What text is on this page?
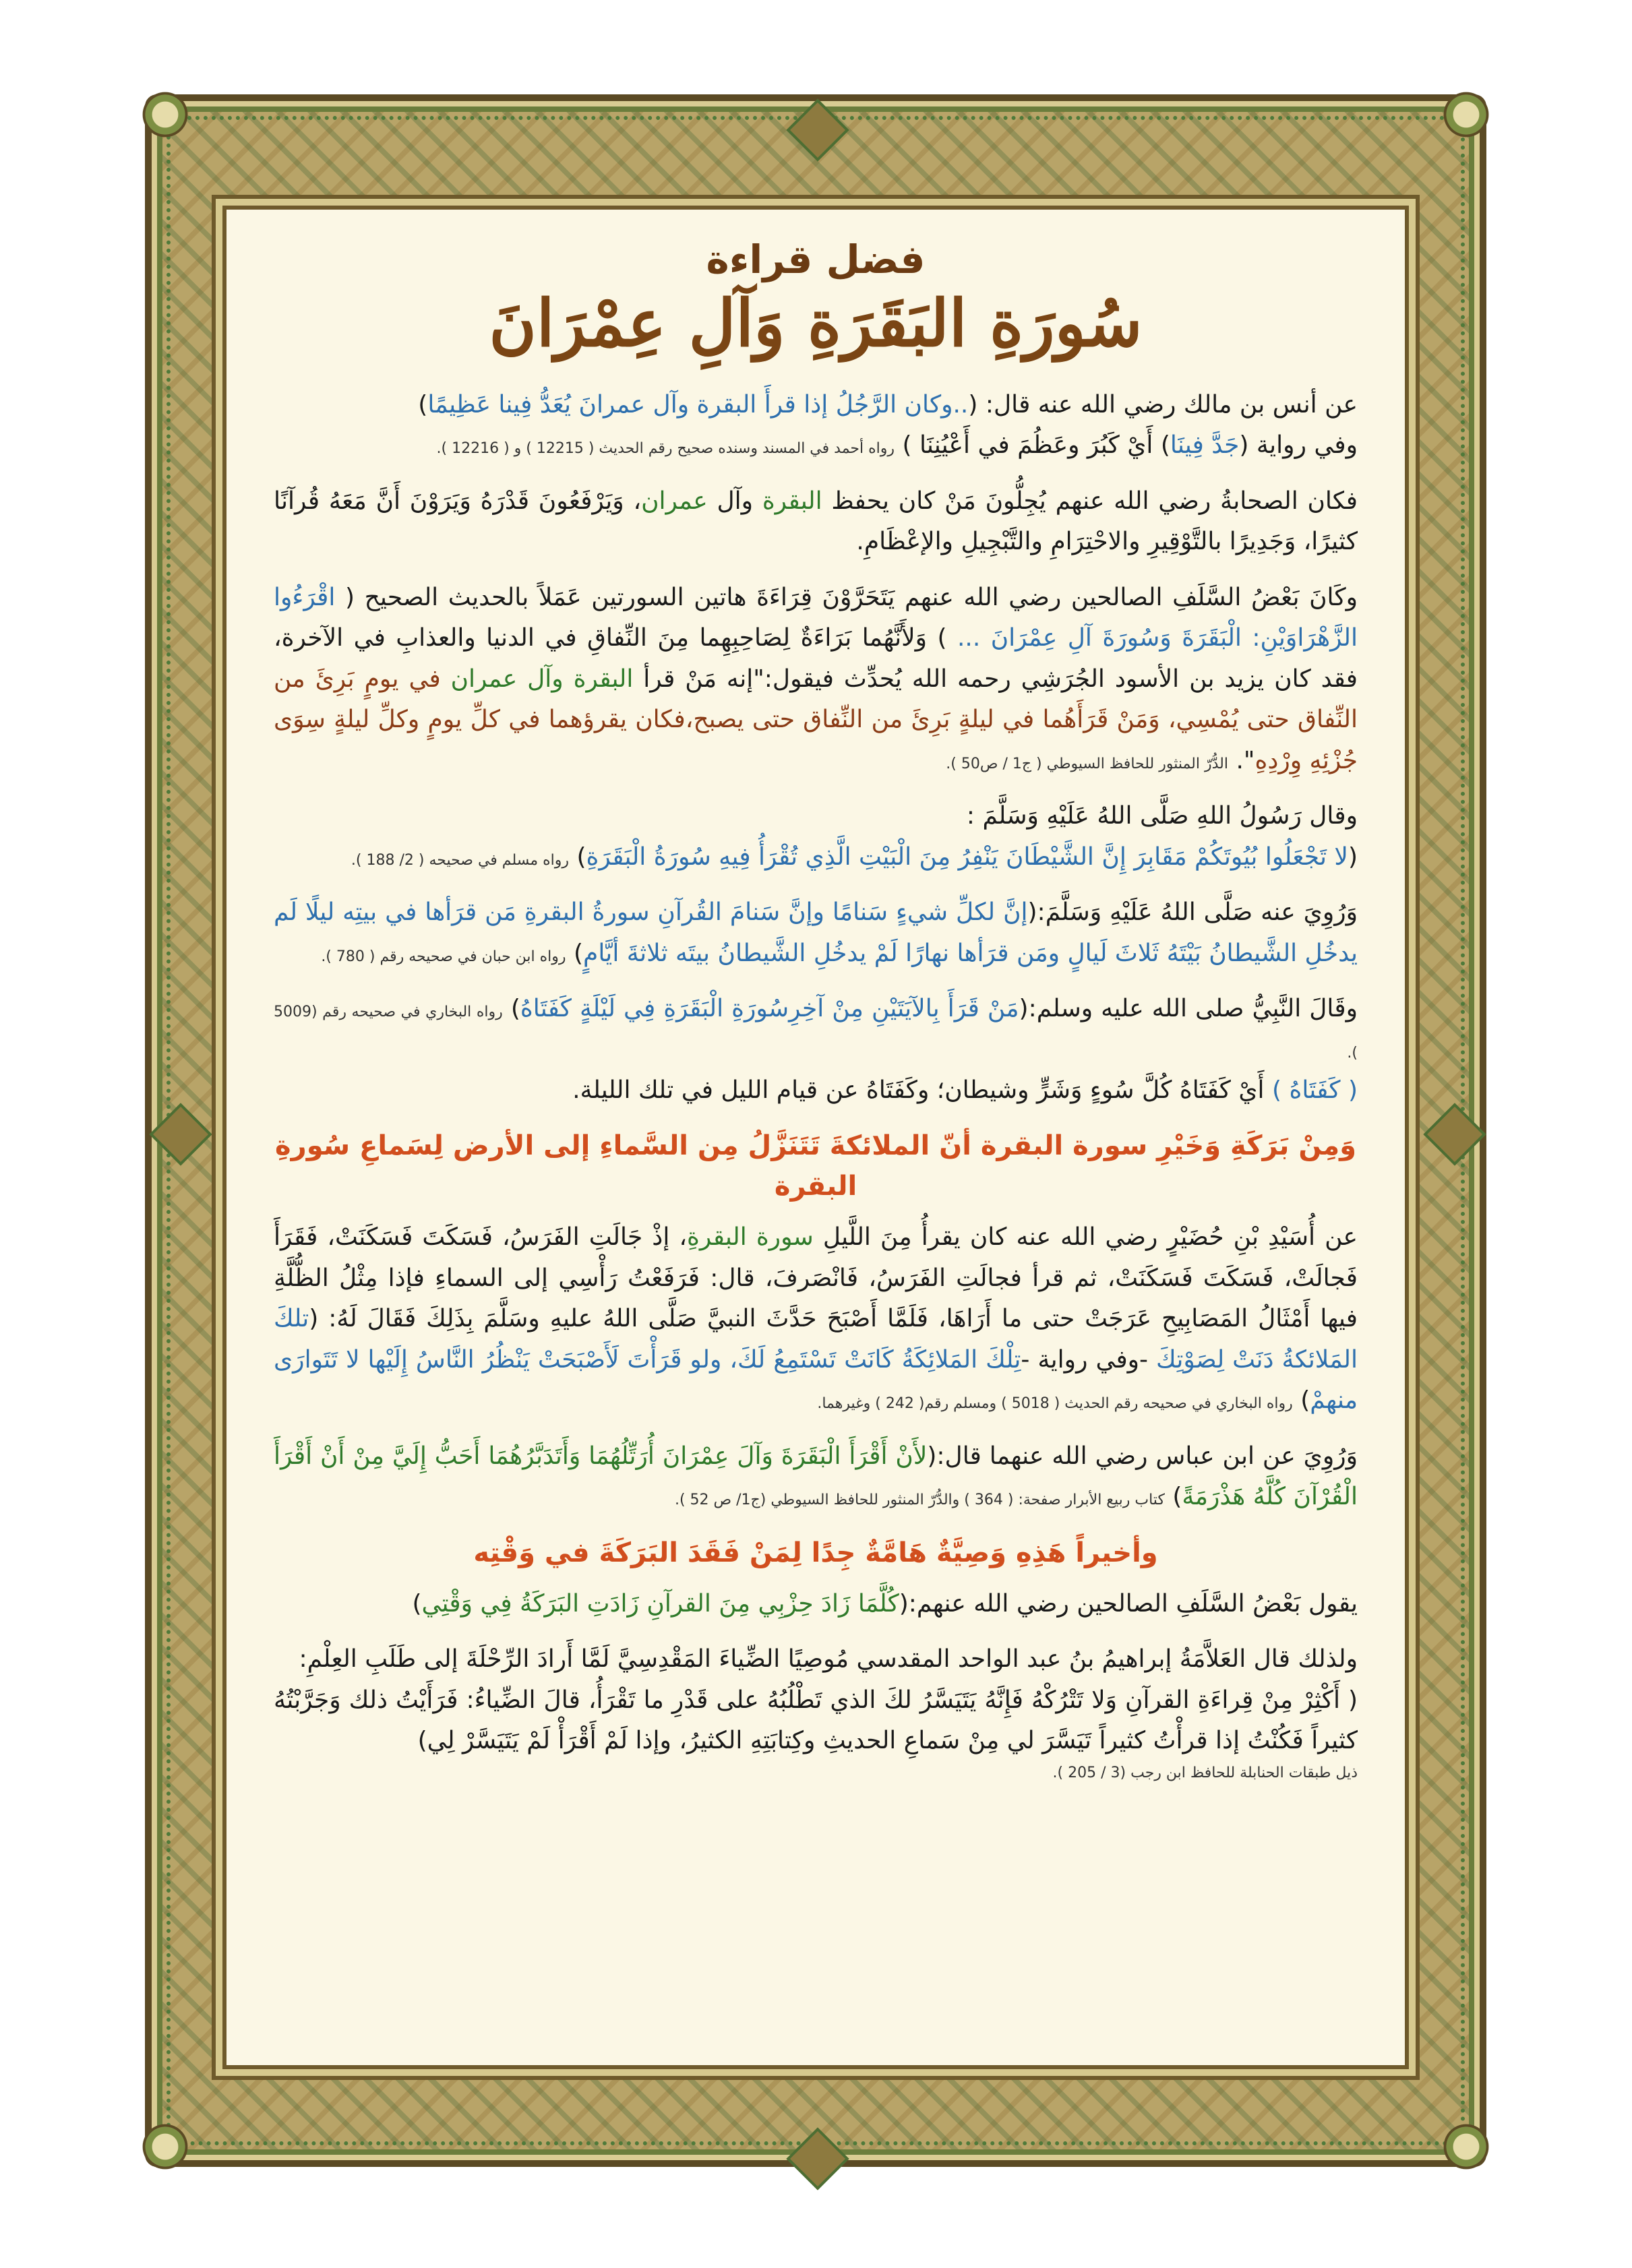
فضل قراءة
سُورَةِ البَقَرَةِ وَآلِ عِمْرَانَ

عن أنس بن مالك رضي الله عنه قال: (..وكان الرَّجُلُ إذا قرأَ البقرة وآل عمرانَ يُعَدُّ فِينا عَظِيمًا)
وفي رواية (جَدَّ فِينَا) أَيْ كَبُرَ وعَظُمَ في أَعْيُنِنَا ) رواه أحمد في المسند وسنده صحيح رقم الحديث ( 12215 ) و ( 12216 ).

فكان الصحابةُ رضي الله عنهم يُجِلُّونَ مَنْ كان يحفظ البقرة وآل عمران، وَيَرْفَعُونَ قَدْرَهُ وَيَرَوْنَ أَنَّ مَعَهُ قُرآنًا كثيرًا، وَجَدِيرًا بالتَّوْقِيرِ والاحْتِرَامِ والتَّبْجِيلِ والإعْظَامِ.

وكَانَ بَعْضُ السَّلَفِ الصالحين رضي الله عنهم يَتَحَرَّوْنَ قِرَاءَةَ هاتين السورتين عَمَلاً بالحديث الصحيح ( اقْرَءُوا الزَّهْرَاوَيْنِ: الْبَقَرَةَ وَسُورَةَ آلِ عِمْرَانَ ... ) وَلأَنَّهُما بَرَاءَةٌ لِصَاحِبِهِما مِنَ النِّفاقِ في الدنيا والعذابِ في الآخرة، فقد كان يزيد بن الأسود الجُرَشِي رحمه الله يُحدِّث فيقول:"إنه مَنْ قرأ البقرة وآل عمران في يومٍ بَرِئَ من النِّفاق حتى يُمْسِي، وَمَنْ قَرَأَهُما في ليلةٍ بَرِئَ من النِّفاق حتى يصبح،فكان يقرؤهما في كلِّ يومٍ وكلِّ ليلةٍ سِوَى جُزْئِهِ وِرْدِهِ". الدُّرّ المنثور للحافظ السيوطي ( ج1 / ص50 ).

وقال رَسُولُ اللهِ صَلَّى اللهُ عَلَيْهِ وَسَلَّمَ :
(لا تَجْعَلُوا بُيُوتَكُمْ مَقَابِرَ إِنَّ الشَّيْطَانَ يَنْفِرُ مِنَ الْبَيْتِ الَّذِي تُقْرَأُ فِيهِ سُورَةُ الْبَقَرَةِ) رواه مسلم في صحيحه ( 2/ 188 ).

وَرُوِيَ عنه صَلَّى اللهُ عَلَيْهِ وَسَلَّمَ:(إنَّ لكلِّ شيءٍ سَنامًا وإنَّ سَنامَ القُرآنِ سورةُ البقرةِ مَن قرَأها في بيتِه ليلًا لَم يدخُلِ الشَّيطانُ بَيْتَهُ ثَلاثَ لَيالٍ ومَن قرَأها نهارًا لَمْ يدخُلِ الشَّيطانُ بيتَه ثلاثةَ أيَّامٍ) رواه ابن حبان في صحيحه رقم ( 780 ).

وقَالَ النَّبِيُّ صلى الله عليه وسلم:(مَنْ قَرَأَ بِالآيَتَيْنِ مِنْ آخِرِسُورَةِ الْبَقَرَةِ فِي لَيْلَةٍ كَفَتَاهُ) رواه البخاري في صحيحه رقم (5009 ).
( كَفَتَاهُ ) أَيْ كَفَتَاهُ كُلَّ سُوءٍ وَشَرٍّ وشيطان؛ وكَفَتَاهُ عن قيام الليل في تلك الليلة.

وَمِنْ بَرَكَةِ وَخَيْرِ سورة البقرة أنّ الملائكةَ تَتَنَزَّلُ مِن السَّماءِ إلى الأرض لِسَماعِ سُورةِ البقرة

عن أُسَيْدِ بْنِ حُضَيْرٍ رضي الله عنه كان يقرأُ مِنَ اللَّيلِ سورة البقرةِ، إذْ جَالَتِ الفَرَسُ، فَسَكَتَ فَسَكَنَتْ، فَقَرَأَ فَجالَتْ، فَسَكَتَ فَسَكَنَتْ، ثم قرأ فجالَتِ الفَرَسُ، فَانْصَرفَ، قال: فَرَفَعْتُ رَأْسِي إلى السماءِ فإذا مِثْلُ الظُّلَّةِ فيها أَمْثَالُ المَصَابِيحِ عَرَجَتْ حتى ما أَرَاهَا، فَلَمَّا أَصْبَحَ حَدَّثَ النبيَّ صَلَّى اللهُ عليهِ وسَلَّمَ بِذَلِكَ فَقَالَ لَهُ: (تلكَ المَلائكةُ دَنَتْ لِصَوْتِكَ -وفي رواية -تِلْكَ المَلائِكَةُ كَانَتْ تَسْتَمِعُ لَكَ، ولو قَرَأْتَ لَأَصْبَحَتْ يَنْظُرُ النَّاسُ إِلَيْها لا تَتَوارَى منهمْ) رواه البخاري في صحيحه رقم الحديث ( 5018 ) ومسلم رقم( 242 ) وغيرهما.

وَرُوِيَ عن ابن عباس رضي الله عنهما قال:(لأَنْ أَقْرَأَ الْبَقَرَةَ وَآلَ عِمْرَانَ أُرَتِّلُهُمَا وَأَتَدَبَّرُهُمَا أَحَبُّ إِلَيَّ مِنْ أَنْ أَقْرَأَ الْقُرْآنَ كُلَّهُ هَذْرَمَةً) كتاب ربيع الأبرار صفحة: ( 364 ) والدُّرّ المنثور للحافظ السيوطي (ج1/ ص 52 ).

وأخيراً هَذِهِ وَصِيَّةٌ هَامَّةٌ جِدًا لِمَنْ فَقَدَ البَرَكَةَ في وَقْتِه

يقول بَعْضُ السَّلَفِ الصالحين رضي الله عنهم:(كُلَّمَا زَادَ حِزْبِي مِنَ القرآنِ زَادَتِ البَرَكَةُ فِي وَقْتِي)

ولذلك قال العَلاَّمَةُ إبراهيمُ بنُ عبد الواحد المقدسي مُوصِيًا الضِّياءَ المَقْدِسِيَّ لَمَّا أَرادَ الرِّحْلَةَ إلى طَلَبِ العِلْمِ:
( أَكْثِرْ مِنْ قِراءَةِ القرآنِ وَلا تَتْرُكْهُ فَإِنَّهُ يَتَيَسَّرُ لكَ الذي تَطْلُبُهُ على قَدْرِ ما تَقْرَأُ، قالَ الضِّياءُ: فَرَأَيْتُ ذلك وَجَرَّبْتُهُ كثيراً فَكُنْتُ إذا قرأْتُ كثيراً تَيَسَّرَ لي مِنْ سَماعِ الحديثِ وكِتابَتِهِ الكثيرُ، وإذا لَمْ أَقْرَأْ لَمْ يَتَيَسَّرْ لِي)

ذيل طبقات الحنابلة للحافظ ابن رجب (3 / 205 ).
